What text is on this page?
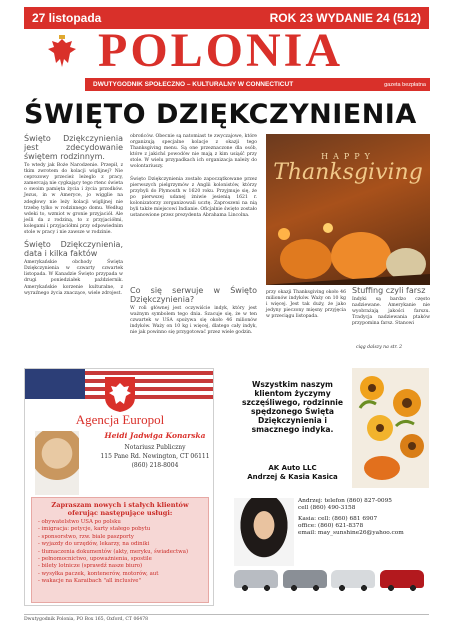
27 listopada	ROK 23 WYDANIE 24 (512)
POLONIA
DWUTYGODNIK SPOŁECZNO – KULTURALNY W CONNECTICUT	gazeta bezpłatna
ŚWIĘTO DZIĘKCZYNIENIA
Święto Dziękczynienia jest zdecydowanie świętem rodzinnym.

To wtedy jak Boże Narodzenie. Przepił, z tkim zwrotem do kolacji wiglijnej? Nie ceprozowy przecież leżeglo z pracy, zamercają nie cygkający tego rtenc świeta o swoim pamięta życia i życia przodków. Jezus, in w Ameryce, jo wigglie na zdegłowy nie leży kolacji wiglijnej nie trzebę tylko w rodzinnego domu. Według wdeki to, wzmiot w gronie przyjaciół. Ale jeśli da z rodziną, to z przyjaciółmi, kolegami i przyjaciółmi przy odpowiednim stole w pracy i nie zawsze w rodzinie.

Święto Dziękczynienia, data i kilka faktów

Amerykańskie obchody Święta Dziękczynienia w czwarty czwartek listopada. W Kanadzie Święto przypada w drugi poniedziałek październik. Amerykańskie korzenie kulturalne, z wyraźnego życia znaczące, wiele zdrojest.

obrońców. Obecnie są natomiast te zwyczajowe, które organizują specjalne kolacje z okazji tego Thanksgiving menu. Są one przeznaczone dla osób, które z jakichś powodów nie mają z kim usiąść przy stole. W wielu przypadkach ich organizacja należy do wolontariuszy.

Święto Dziękczynienia zostało zapoczątkowane przez pierwszych pielgrzymów z Anglii kolonistów, którzy przybyli do Plymouth w 1620 roku. Przyjmuje się, że po pierwszej udanej żniwie jesienią 1621 r. kolonizatorzy zorganizowali ucztę. Zaproszeni na nią byli także miejscowi Indianie. Oficjalnie święto zostało ustanowione przez prezydenta Abrahama Lincolna.

HAPPY
Thanksgiving
Co się serwuje w Święto Dziękczynienia?

W roli głównej jest oczywiście indyk, który jest ważnym symbolem tego dnia. Szacuje się, że w ten czwartek w USA spożywa się około 46 milionów indyków. Waży on 10 kg i więcej, dlatego cały indyk, nie jak powinno się przygotować przez wiele godzin.

przy okazji Thanksgiving około 46 milionów indyków. Waży on 10 kg i więcej. Jest tak duży, że jako jedyny pieczony mięsny przyjęcia w przeciągu listopada.

Stuffing czyli farsz

Indyki są bardzo często nadziewane. Amerykanie nie wyobrażają jakości farszu. Tradycja nadziewania ptaków przypomina farsz. Stanowi

ciąg dalszy na str. 2
Agencja Europol
Heidi Jadwiga Konarska
Notariusz Publiczny
115 Pane Rd. Newington, CT 06111
(860) 218-8004
Zapraszam nowych i stałych klientów oferując następujące usługi:
- obywatelstwo USA po polsku
- imigracja: petycje, karty stałego pobytu
- sponsorstwo, rzw. biale paszporty
- wyjazdy do urzędów, lekarzy, na odiniki
- tłumaczenia dokumentów (akty, meryku, świadectwa)
- pełnomocnictwo, upoważnienia, spostile
- bilety lotnicze (sprawdź nasze biuro)
- wysyłka paczek, kontenerów, motorów, aut
- wakacje na Karaibach "all inclusive"
Wszystkim naszym klientom życzymy szczęśliwego, rodzinnie spędzonego Święta Dziękczynienia i smacznego indyka.
AK Auto LLC
Andrzej & Kasia Kasica
Andrzej: telefon (860) 827-0095
cell (860) 490-3158
Kasia: cell: (860) 681 6907
office: (860) 621-8378
email: may_sunshine26@yahoo.com
Dwutygodnik Polonia, PO Box 165, Oxford, CT 06478
